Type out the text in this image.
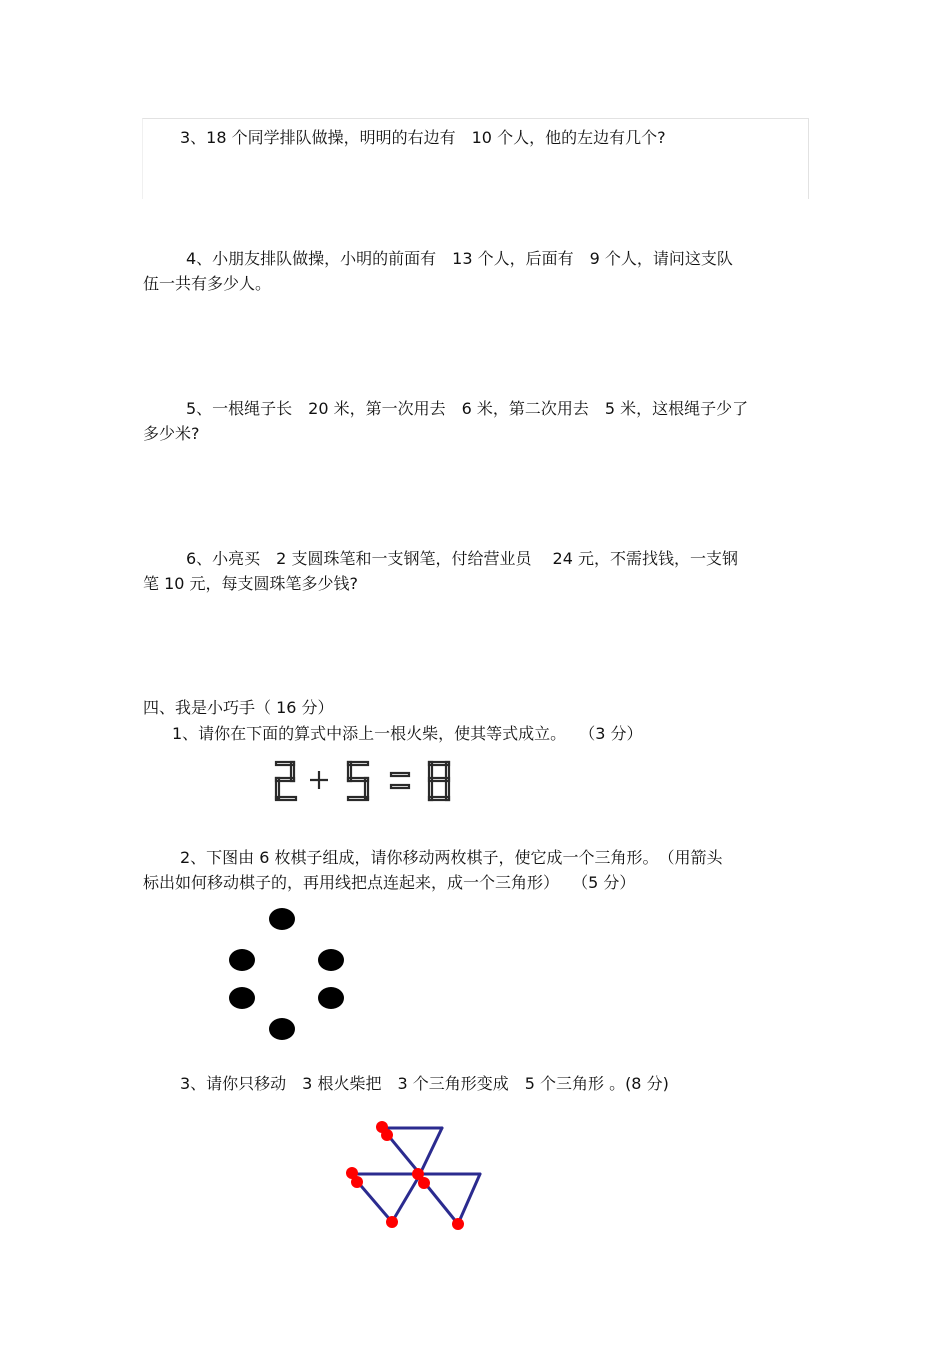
3、18 个同学排队做操，明明的右边有　10 个人，他的左边有几个?
4、小朋友排队做操，小明的前面有　13 个人，后面有　9 个人，请问这支队
伍一共有多少人。
5、一根绳子长　20 米，第一次用去　6 米，第二次用去　5 米，这根绳子少了
多少米?
6、小亮买　2 支圆珠笔和一支钢笔，付给营业员　 24 元，不需找钱，一支钢
笔 10 元，每支圆珠笔多少钱?
四、我是小巧手（ 16 分）
1、请你在下面的算式中添上一根火柴，使其等式成立。　 （3 分）
2、下图由 6 枚棋子组成，请你移动两枚棋子，使它成一个三角形。　（用箭头
标出如何移动棋子的，再用线把点连起来，成一个三角形）　 （5 分）
3、请你只移动　3 根火柴把　3 个三角形变成　5 个三角形 。(8 分)
